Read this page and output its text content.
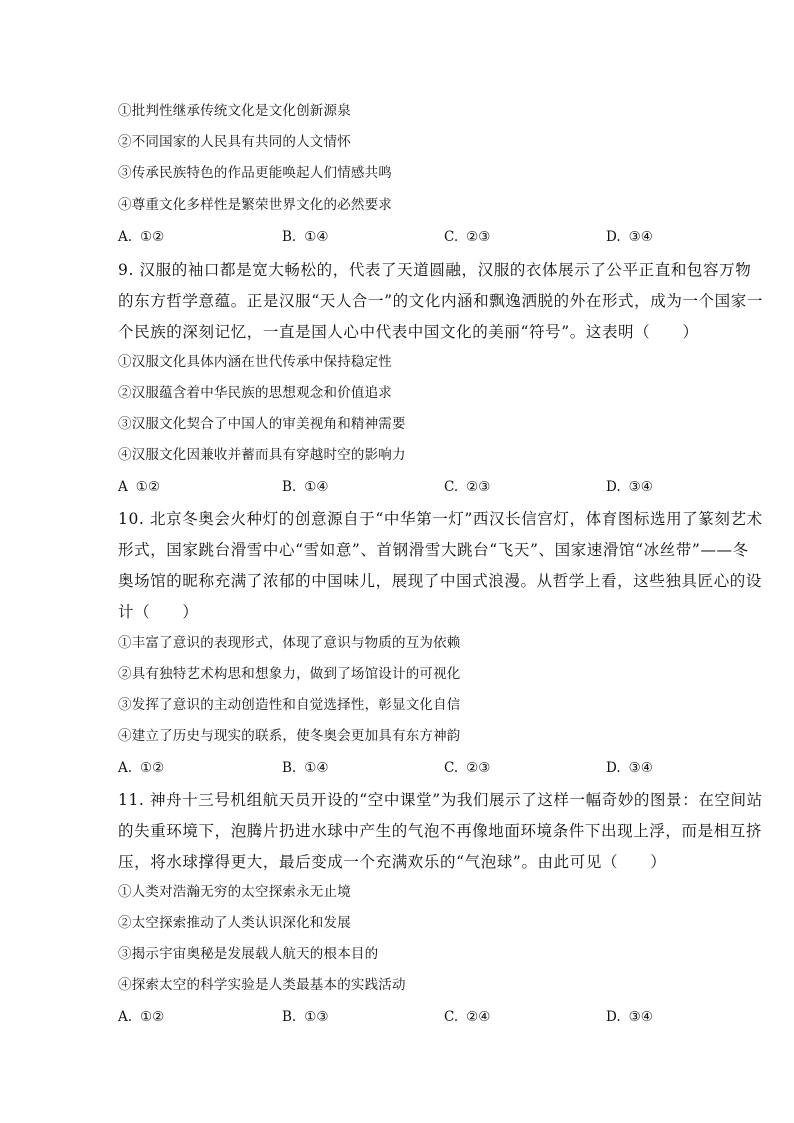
①批判性继承传统文化是文化创新源泉
②不同国家的人民具有共同的人文情怀
③传承民族特色的作品更能唤起人们情感共鸣
④尊重文化多样性是繁荣世界文化的必然要求
A. ①②	B. ①④	C. ②③	D. ③④
9. 汉服的袖口都是宽大畅松的，代表了天道圆融，汉服的衣体展示了公平正直和包容万物
的东方哲学意蕴。正是汉服“天人合一”的文化内涵和飘逸洒脱的外在形式，成为一个国家一
个民族的深刻记忆，一直是国人心中代表中国文化的美丽“符号”。这表明（　　）
①汉服文化具体内涵在世代传承中保持稳定性
②汉服蕴含着中华民族的思想观念和价值追求
③汉服文化契合了中国人的审美视角和精神需要
④汉服文化因兼收并蓄而具有穿越时空的影响力
A ①②	B. ①④	C. ②③	D. ③④
10. 北京冬奥会火种灯的创意源自于“中华第一灯”西汉长信宫灯，体育图标选用了篆刻艺术
形式，国家跳台滑雪中心“雪如意”、首钢滑雪大跳台“飞天”、国家速滑馆“冰丝带”——冬
奥场馆的昵称充满了浓郁的中国味儿，展现了中国式浪漫。从哲学上看，这些独具匠心的设
计（　　）
①丰富了意识的表现形式，体现了意识与物质的互为依赖
②具有独特艺术构思和想象力，做到了场馆设计的可视化
③发挥了意识的主动创造性和自觉选择性，彰显文化自信
④建立了历史与现实的联系，使冬奥会更加具有东方神韵
A. ①②	B. ①④	C. ②③	D. ③④
11. 神舟十三号机组航天员开设的“空中课堂”为我们展示了这样一幅奇妙的图景：在空间站
的失重环境下，泡腾片扔进水球中产生的气泡不再像地面环境条件下出现上浮，而是相互挤
压，将水球撑得更大，最后变成一个充满欢乐的“气泡球”。由此可见（　　）
①人类对浩瀚无穷的太空探索永无止境
②太空探索推动了人类认识深化和发展
③揭示宇宙奥秘是发展载人航天的根本目的
④探索太空的科学实验是人类最基本的实践活动
A. ①②	B. ①③	C. ②④	D. ③④
